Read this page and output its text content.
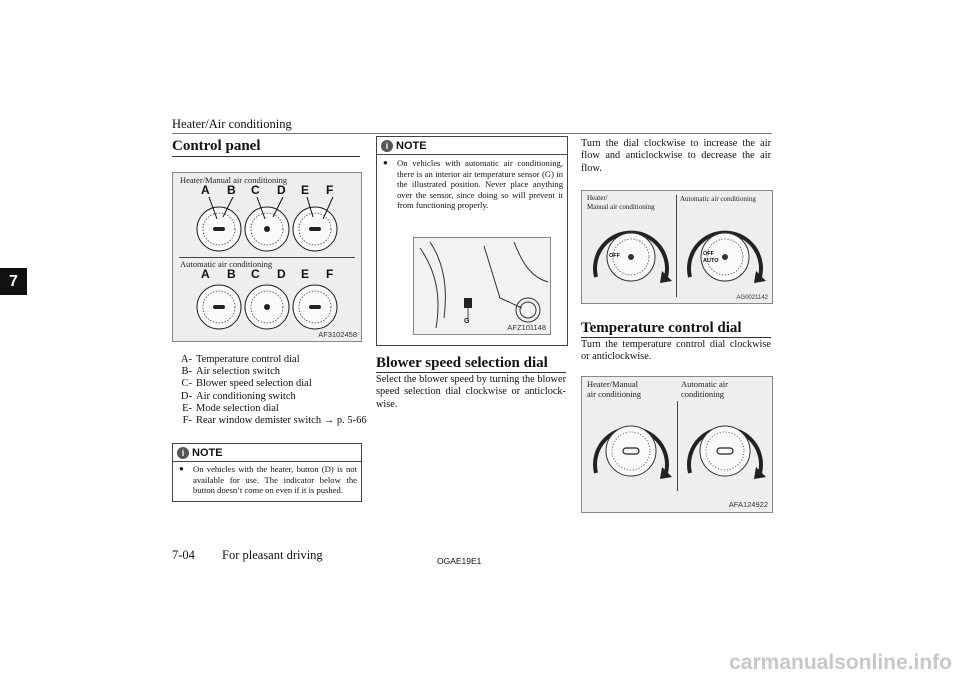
Heater/Air conditioning
7
Control panel
Heater/Manual air conditioning
A B C D E F
Automatic air conditioning
A B C D E F
AF3102458
A- Temperature control dial
B- Air selection switch
C- Blower speed selection dial
D- Air conditioning switch
E- Mode selection dial
F- Rear window demister switch → p. 5-66
i NOTE
●	On vehicles with the heater, button (D) is not available for use. The indicator below the button doesn’t come on even if it is pushed.
i NOTE
●	On vehicles with automatic air conditioning, there is an interior air temperature sensor (G) in the illustrated position. Never place anything over the sensor, since doing so will prevent it from functioning properly.
G
AFZ101148
Blower speed selection dial
Select the blower speed by turning the blower speed selection dial clockwise or anticlock- wise.
Turn the dial clockwise to increase the air flow and anticlockwise to decrease the air flow.
Heater/
Manual air conditioning
Automatic air conditioning
OFF	OFF
AUTO
AG0021142
Temperature control dial
Turn the temperature control dial clockwise or anticlockwise.
Heater/Manual
air conditioning
Automatic air
conditioning
AFA124922
7-04 For pleasant driving	OGAE19E1
carmanualsonline.info
